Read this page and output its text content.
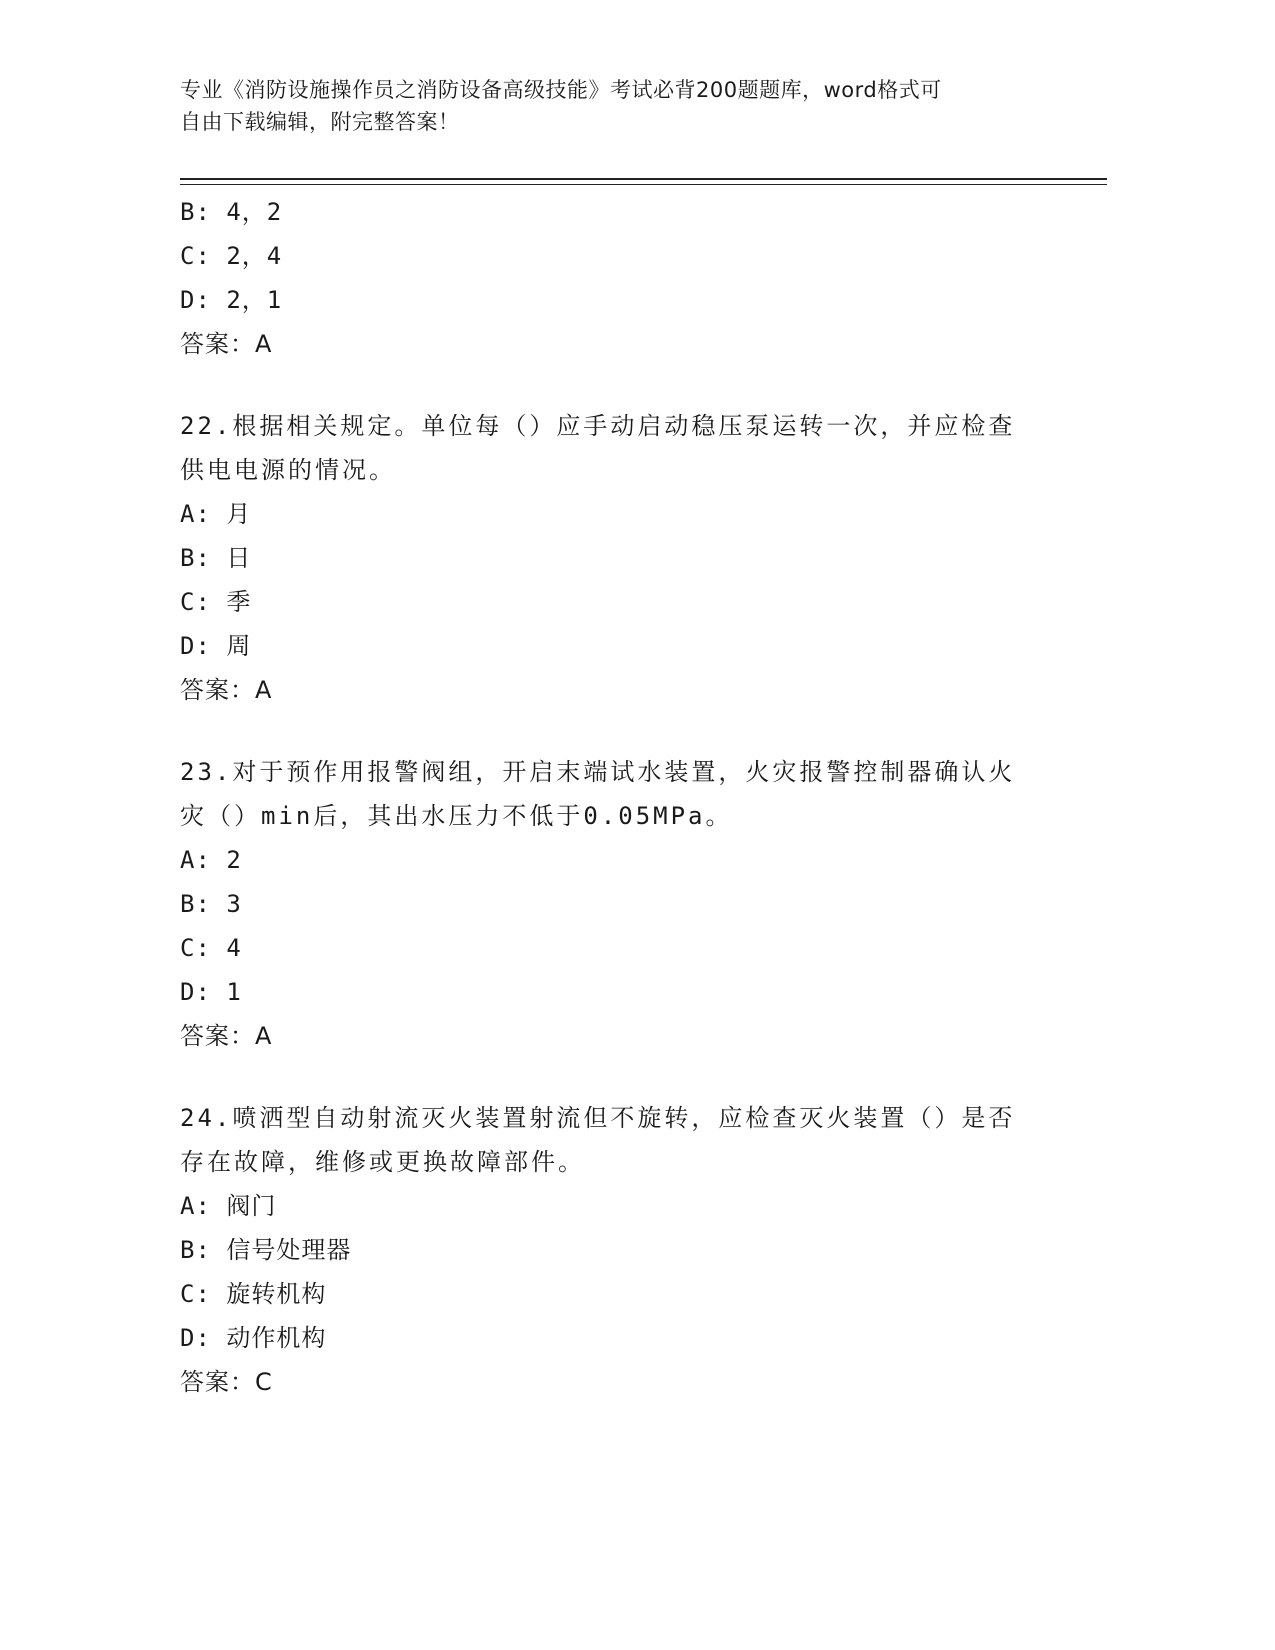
专业《消防设施操作员之消防设备高级技能》考试必背200题题库，word格式可
自由下载编辑，附完整答案！
B: 4，2
C: 2，4
D: 2，1
答案：A
22.根据相关规定。单位每（）应手动启动稳压泵运转一次，并应检查
供电电源的情况。
A: 月
B: 日
C: 季
D: 周
答案：A
23.对于预作用报警阀组，开启末端试水装置，火灾报警控制器确认火
灾（）min后，其出水压力不低于0.05MPa。
A: 2
B: 3
C: 4
D: 1
答案：A
24.喷洒型自动射流灭火装置射流但不旋转，应检查灭火装置（）是否
存在故障，维修或更换故障部件。
A: 阀门
B: 信号处理器
C: 旋转机构
D: 动作机构
答案：C
